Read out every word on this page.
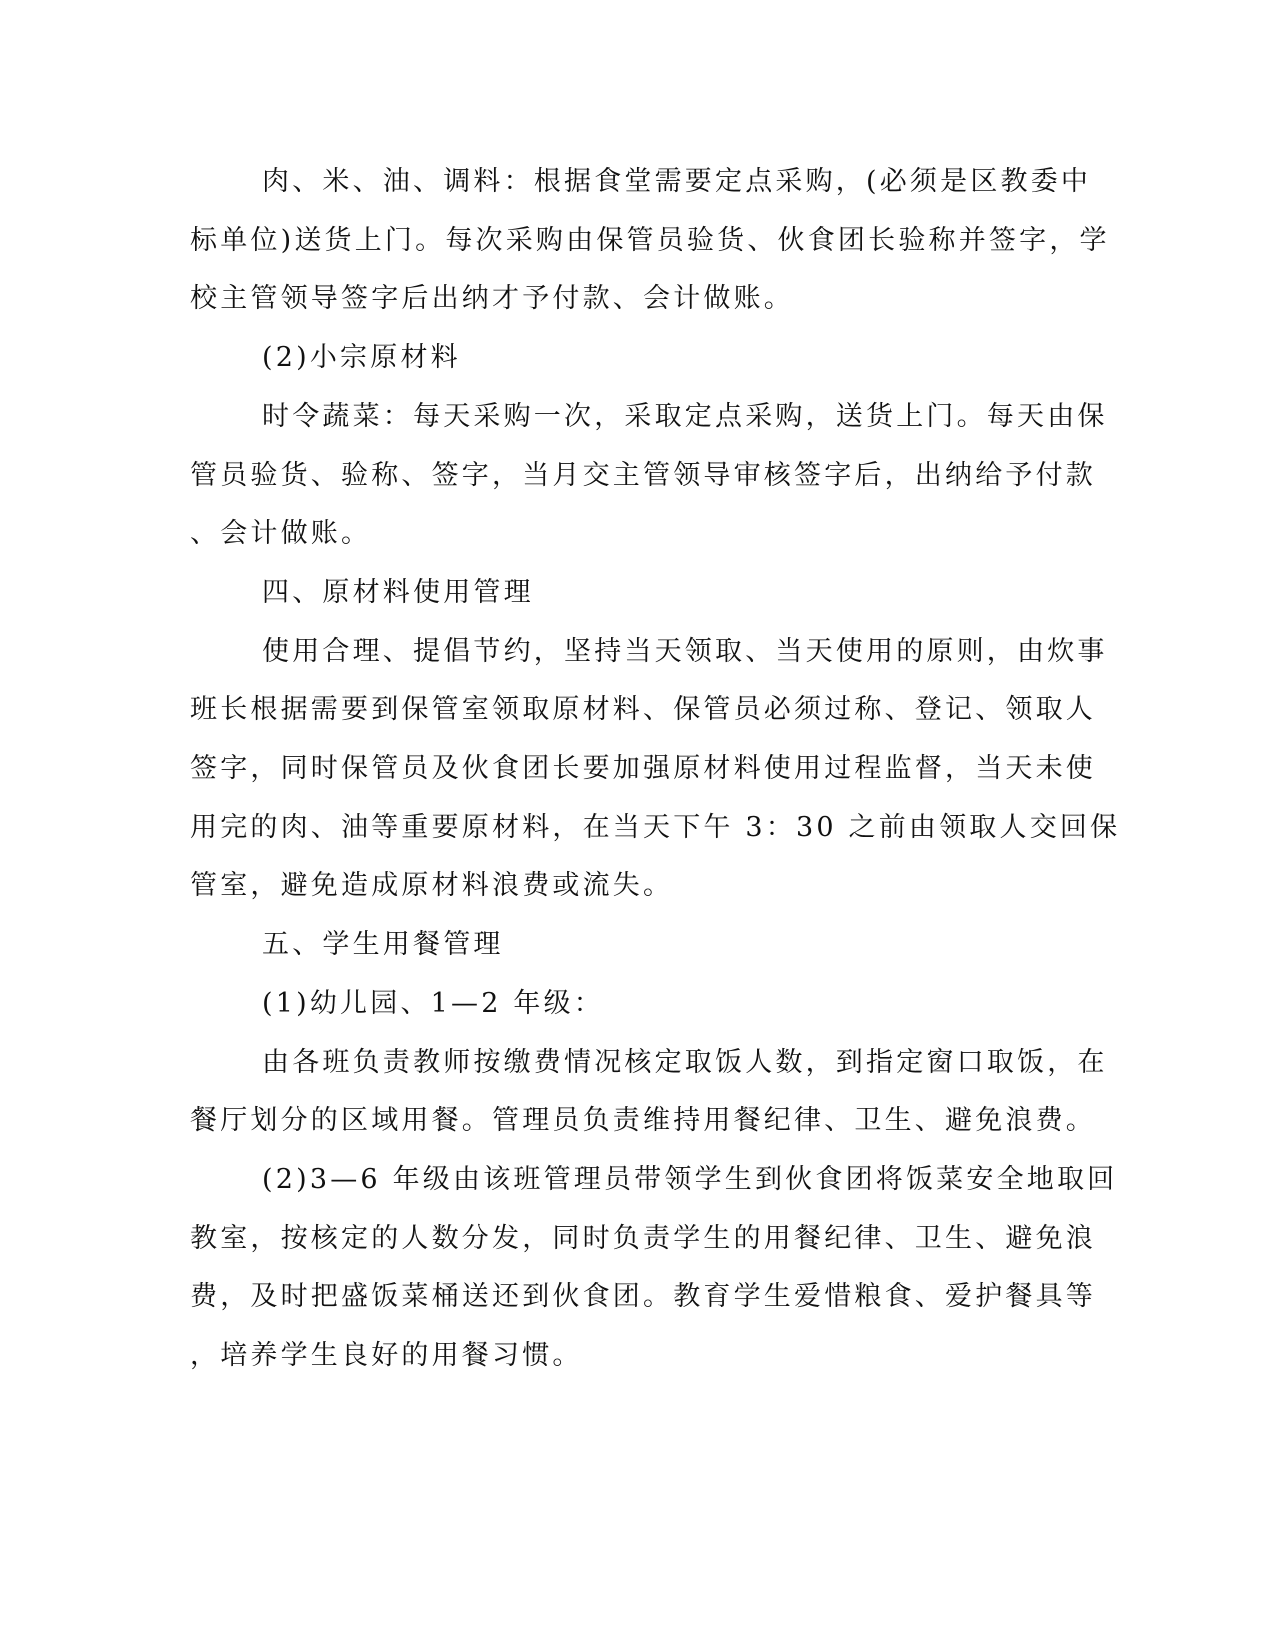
肉、米、油、调料：根据食堂需要定点采购，(必须是区教委中
标单位)送货上门。每次采购由保管员验货、伙食团长验称并签字，学
校主管领导签字后出纳才予付款、会计做账。
(2)小宗原材料
时令蔬菜：每天采购一次，采取定点采购，送货上门。每天由保
管员验货、验称、签字，当月交主管领导审核签字后，出纳给予付款
、会计做账。
四、原材料使用管理
使用合理、提倡节约，坚持当天领取、当天使用的原则，由炊事
班长根据需要到保管室领取原材料、保管员必须过称、登记、领取人
签字，同时保管员及伙食团长要加强原材料使用过程监督，当天未使
用完的肉、油等重要原材料，在当天下午 3：30 之前由领取人交回保
管室，避免造成原材料浪费或流失。
五、学生用餐管理
(1)幼儿园、1—2 年级：
由各班负责教师按缴费情况核定取饭人数，到指定窗口取饭，在
餐厅划分的区域用餐。管理员负责维持用餐纪律、卫生、避免浪费。
(2)3—6 年级由该班管理员带领学生到伙食团将饭菜安全地取回
教室，按核定的人数分发，同时负责学生的用餐纪律、卫生、避免浪
费，及时把盛饭菜桶送还到伙食团。教育学生爱惜粮食、爱护餐具等
，培养学生良好的用餐习惯。
